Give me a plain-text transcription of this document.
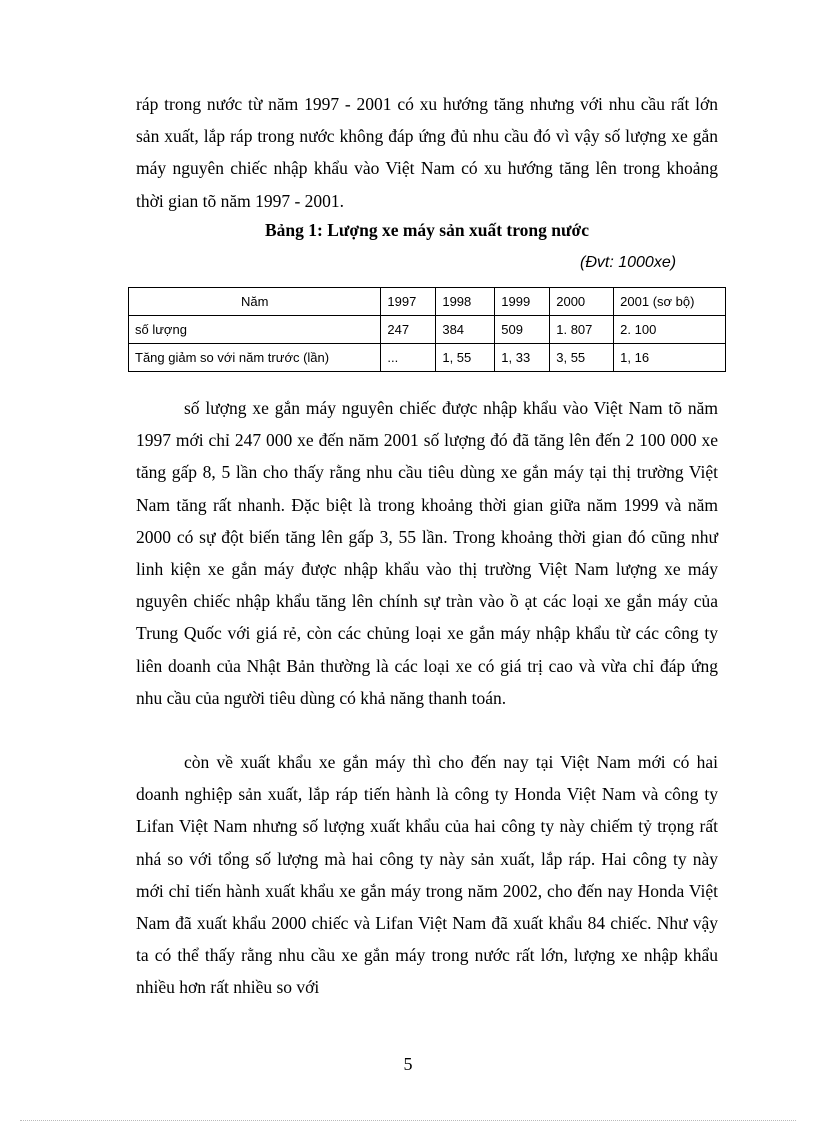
ráp trong nước từ năm 1997 - 2001 có xu hướng tăng nhưng với nhu cầu rất lớn sản xuất, lắp ráp trong nước không đáp ứng đủ nhu cầu đó vì vậy số lượng xe gắn máy nguyên chiếc nhập khẩu vào Việt Nam có xu hướng tăng lên trong khoảng thời gian tõ năm 1997 - 2001.

Bảng 1: Lượng xe máy sản xuất trong nước

(Đvt: 1000xe)

Năm	1997	1998	1999	2000	2001 (sơ bộ)
số lượng	247	384	509	1. 807	2. 100
Tăng giảm so với năm trước (lần)	...	1, 55	1, 33	3, 55	1, 16

số lượng xe gắn máy nguyên chiếc được nhập khẩu vào Việt Nam tõ năm 1997 mới chỉ 247 000 xe đến năm 2001 số lượng đó đã tăng lên đến 2 100 000 xe tăng gấp 8, 5 lần cho thấy rằng nhu cầu tiêu dùng xe gắn máy tại thị trường Việt Nam tăng rất nhanh. Đặc biệt là trong khoảng thời gian giữa năm 1999 và năm 2000 có sự đột biến tăng lên gấp 3, 55 lần. Trong khoảng thời gian đó cũng như linh kiện xe gắn máy được nhập khẩu vào thị trường Việt Nam lượng xe máy nguyên chiếc nhập khẩu tăng lên chính sự tràn vào ồ ạt các loại xe gắn máy của Trung Quốc với giá rẻ, còn các chủng loại xe gắn máy nhập khẩu từ các công ty liên doanh của Nhật Bản thường là các loại xe có giá trị cao và vừa chỉ đáp ứng nhu cầu của người tiêu dùng có khả năng thanh toán.

còn về xuất khẩu xe gắn máy thì cho đến nay tại Việt Nam mới có hai doanh nghiệp sản xuất, lắp ráp tiến hành là công ty Honda Việt Nam và công ty Lifan Việt Nam nhưng số lượng xuất khẩu của hai công ty này chiếm tỷ trọng rất nhá so với tổng số lượng mà hai công ty này sản xuất, lắp ráp. Hai công ty này mới chỉ tiến hành xuất khẩu xe gắn máy trong năm 2002, cho đến nay Honda Việt Nam đã xuất khẩu 2000 chiếc và Lifan Việt Nam đã xuất khẩu 84 chiếc. Như vậy ta có thể thấy rằng nhu cầu xe gắn máy trong nước rất lớn, lượng xe nhập khẩu nhiều hơn rất nhiều so với

5
